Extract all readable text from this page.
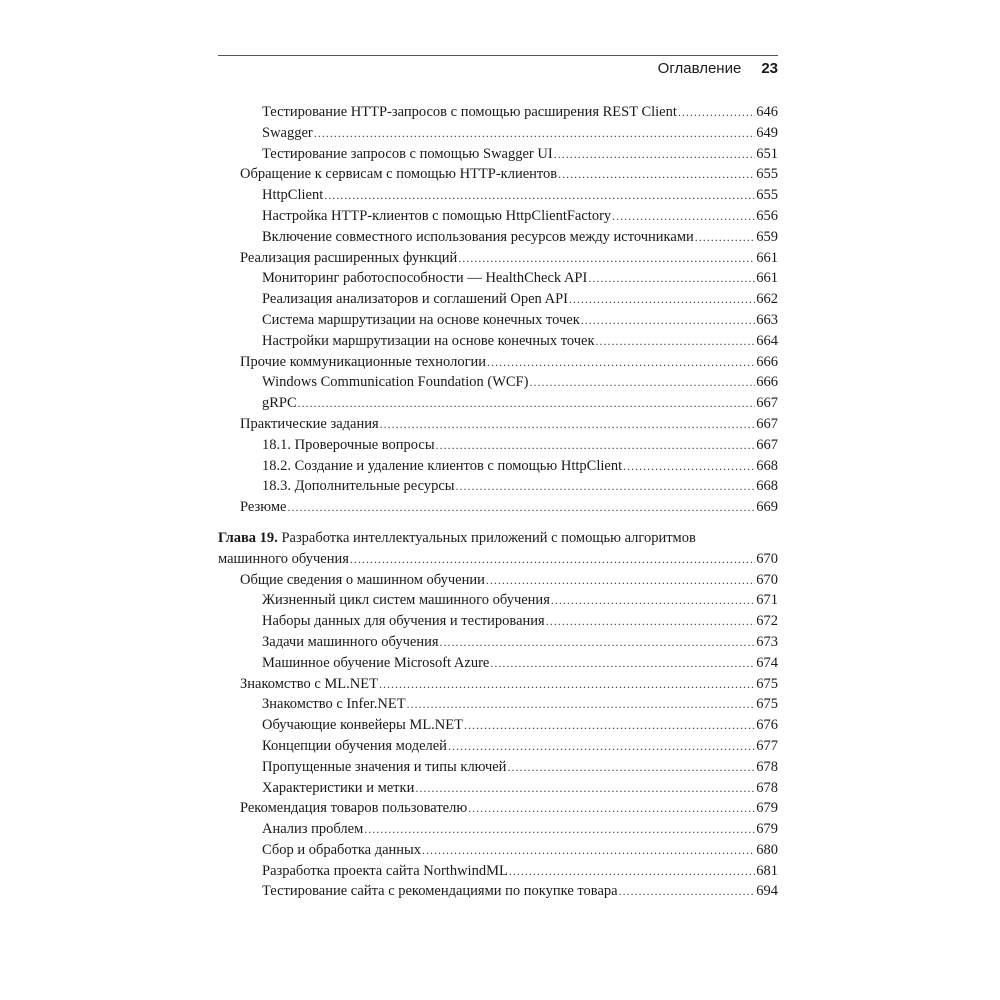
Оглавление 23
Тестирование HTTP-запросов с помощью расширения REST Client .....	646
Swagger .....	649
Тестирование запросов с помощью Swagger UI .....	651
Обращение к сервисам с помощью HTTP-клиентов .....	655
HttpClient .....	655
Настройка HTTP-клиентов с помощью HttpClientFactory .....	656
Включение совместного использования ресурсов между источниками .....	659
Реализация расширенных функций .....	661
Мониторинг работоспособности — HealthCheck API .....	661
Реализация анализаторов и соглашений Open API .....	662
Система маршрутизации на основе конечных точек .....	663
Настройки маршрутизации на основе конечных точек .....	664
Прочие коммуникационные технологии .....	666
Windows Communication Foundation (WCF) .....	666
gRPC .....	667
Практические задания .....	667
18.1. Проверочные вопросы .....	667
18.2. Создание и удаление клиентов с помощью HttpClient .....	668
18.3. Дополнительные ресурсы .....	668
Резюме .....	669
Глава 19. Разработка интеллектуальных приложений с помощью алгоритмов
машинного обучения .....	670
Общие сведения о машинном обучении .....	670
Жизненный цикл систем машинного обучения .....	671
Наборы данных для обучения и тестирования .....	672
Задачи машинного обучения .....	673
Машинное обучение Microsoft Azure .....	674
Знакомство с ML.NET .....	675
Знакомство с Infer.NET .....	675
Обучающие конвейеры ML.NET .....	676
Концепции обучения моделей .....	677
Пропущенные значения и типы ключей .....	678
Характеристики и метки .....	678
Рекомендация товаров пользователю .....	679
Анализ проблем .....	679
Сбор и обработка данных .....	680
Разработка проекта сайта NorthwindML .....	681
Тестирование сайта с рекомендациями по покупке товара .....	694
